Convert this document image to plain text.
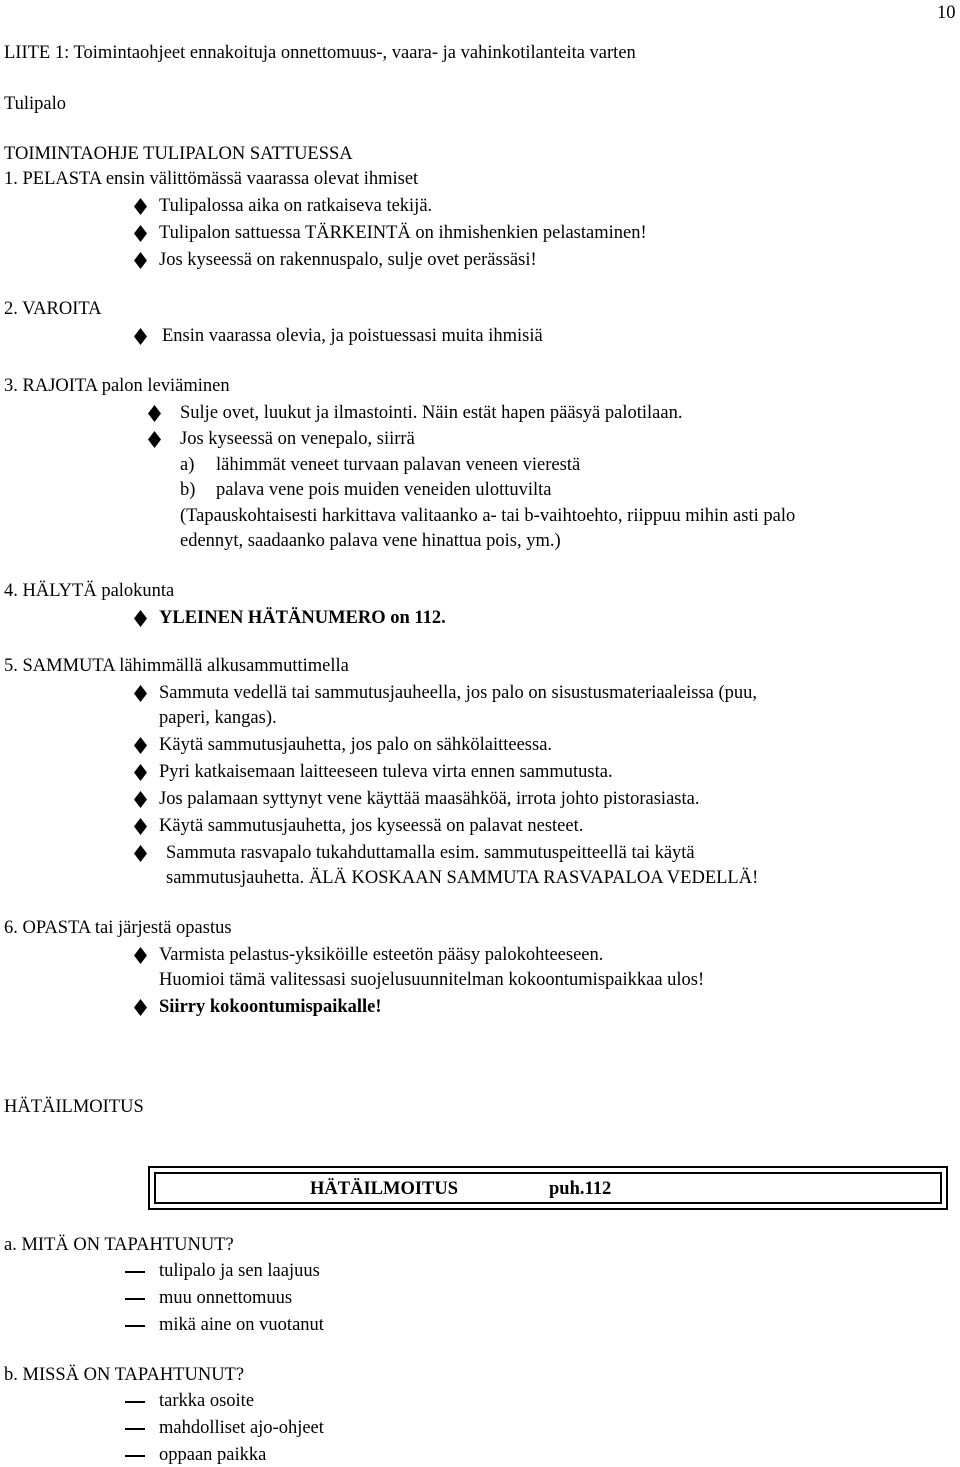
10
LIITE 1: Toimintaohjeet ennakoituja onnettomuus-, vaara- ja vahinkotilanteita varten
Tulipalo
TOIMINTAOHJE TULIPALON SATTUESSA
1. PELASTA ensin välittömässä vaarassa olevat ihmiset
Tulipalossa aika on ratkaiseva tekijä.
Tulipalon sattuessa TÄRKEINTÄ on ihmishenkien pelastaminen!
Jos kyseessä on rakennuspalo, sulje ovet perässäsi!
2. VAROITA
Ensin vaarassa olevia, ja poistuessasi muita ihmisiä
3. RAJOITA palon leviäminen
Sulje ovet, luukut ja ilmastointi. Näin estät hapen pääsyä palotilaan.
Jos kyseessä on venepalo, siirrä
a) lähimmät veneet turvaan palavan veneen vierestä
b) palava vene pois muiden veneiden ulottuvilta
(Tapauskohtaisesti harkittava valitaanko a- tai b-vaihtoehto, riippuu mihin asti palo
edennyt, saadaanko palava vene hinattua pois, ym.)
4. HÄLYTÄ palokunta
YLEINEN HÄTÄNUMERO on 112.
5. SAMMUTA lähimmällä alkusammuttimella
Sammuta vedellä tai sammutusjauheella, jos palo on sisustusmateriaaleissa (puu,
paperi, kangas).
Käytä sammutusjauhetta, jos palo on sähkölaitteessa.
Pyri katkaisemaan laitteeseen tuleva virta ennen sammutusta.
Jos palamaan syttynyt vene käyttää maasähköä, irrota johto pistorasiasta.
Käytä sammutusjauhetta, jos kyseessä on palavat nesteet.
Sammuta rasvapalo tukahduttamalla esim. sammutuspeitteellä tai käytä
sammutusjauhetta. ÄLÄ KOSKAAN SAMMUTA RASVAPALOA VEDELLÄ!
6. OPASTA tai järjestä opastus
Varmista pelastus-yksiköille esteetön pääsy palokohteeseen.
Huomioi tämä valitessasi suojelusuunnitelman kokoontumispaikkaa ulos!
Siirry kokoontumispaikalle!
HÄTÄILMOITUS
HÄTÄILMOITUS	puh.112
a. MITÄ ON TAPAHTUNUT?
tulipalo ja sen laajuus
muu onnettomuus
mikä aine on vuotanut
b. MISSÄ ON TAPAHTUNUT?
tarkka osoite
mahdolliset ajo-ohjeet
oppaan paikka
